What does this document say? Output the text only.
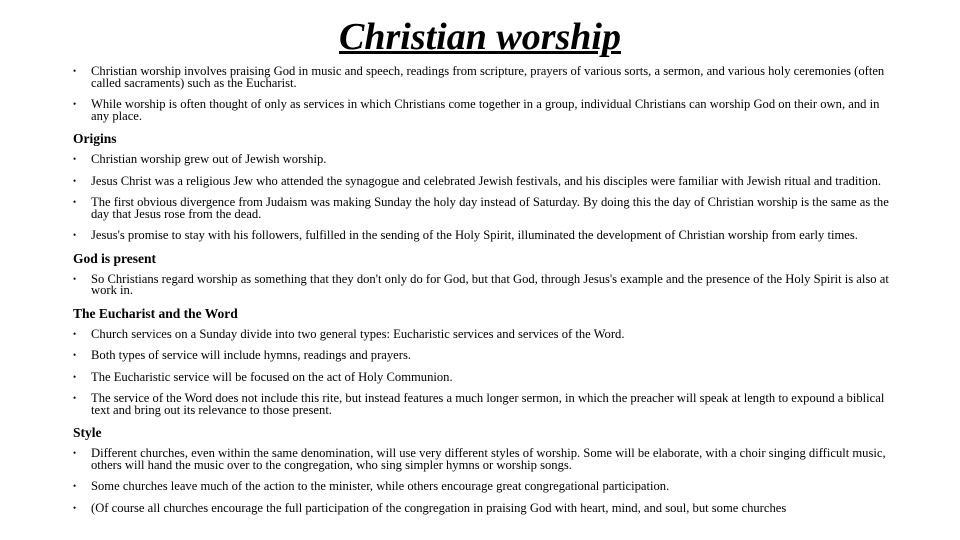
Christian worship
• Christian worship involves praising God in music and speech, readings from scripture, prayers of various sorts, a sermon, and various holy ceremonies (often called sacraments) such as the Eucharist.
• While worship is often thought of only as services in which Christians come together in a group, individual Christians can worship God on their own, and in any place.
Origins
• Christian worship grew out of Jewish worship.
• Jesus Christ was a religious Jew who attended the synagogue and celebrated Jewish festivals, and his disciples were familiar with Jewish ritual and tradition.
• The first obvious divergence from Judaism was making Sunday the holy day instead of Saturday. By doing this the day of Christian worship is the same as the day that Jesus rose from the dead.
• Jesus's promise to stay with his followers, fulfilled in the sending of the Holy Spirit, illuminated the development of Christian worship from early times.
God is present
• So Christians regard worship as something that they don't only do for God, but that God, through Jesus's example and the presence of the Holy Spirit is also at work in.
The Eucharist and the Word
• Church services on a Sunday divide into two general types: Eucharistic services and services of the Word.
• Both types of service will include hymns, readings and prayers.
• The Eucharistic service will be focused on the act of Holy Communion.
• The service of the Word does not include this rite, but instead features a much longer sermon, in which the preacher will speak at length to expound a biblical text and bring out its relevance to those present.
Style
• Different churches, even within the same denomination, will use very different styles of worship. Some will be elaborate, with a choir singing difficult music, others will hand the music over to the congregation, who sing simpler hymns or worship songs.
• Some churches leave much of the action to the minister, while others encourage great congregational participation.
• (Of course all churches encourage the full participation of the congregation in praising God with heart, mind, and soul, but some churches
